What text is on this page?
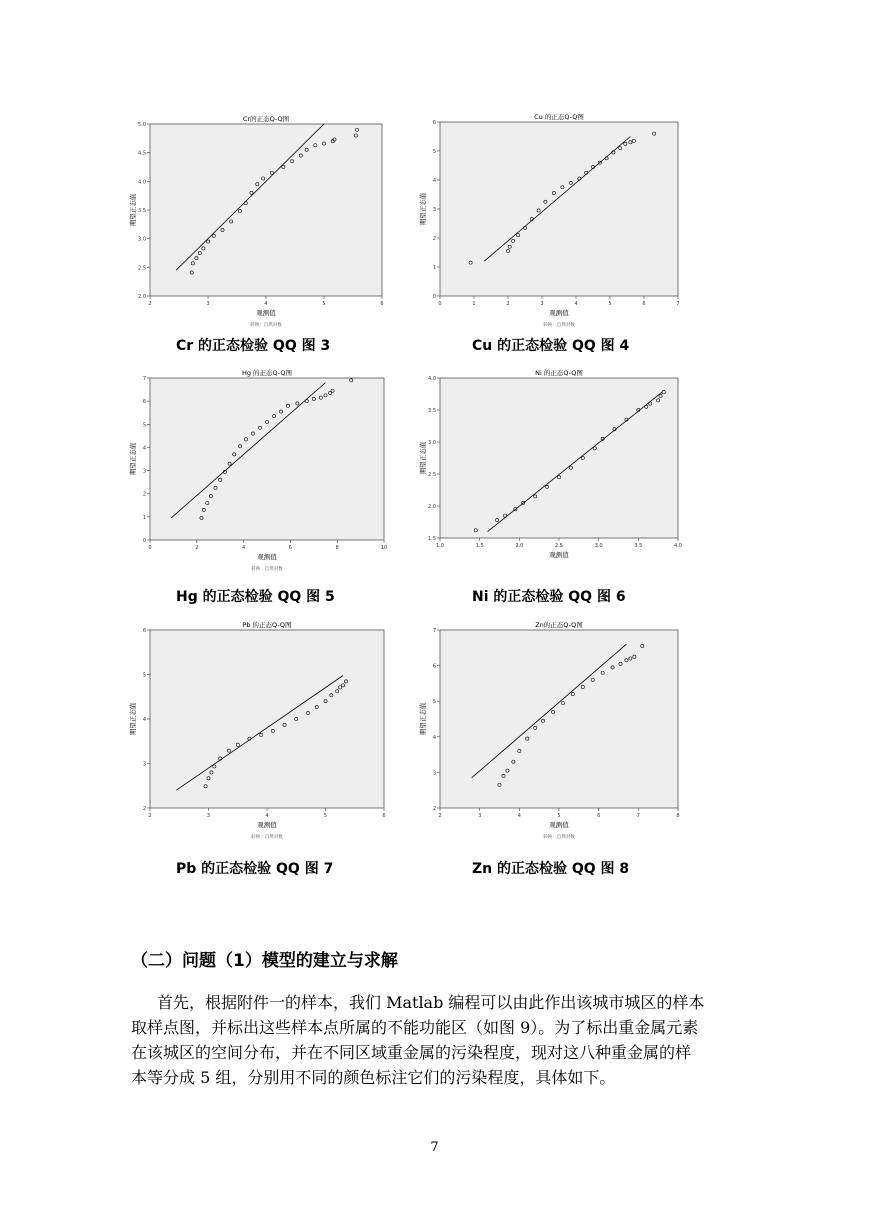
Cr的正态Q-Q图
2	3	4	5	6
2.0
2.5
3.0
3.5
4.0
4.5
5.0
观测值
期望正态值
转换：自然对数
Cu 的正态Q-Q图
0	1	2	3	4	5	6	7
0
1
2
3
4
5
6
观测值
期望正态值
转换：自然对数
Hg 的正态Q-Q图
0	2	4	6	8	10
0
1
2
3
4
5
6
7
观测值
期望正态值
转换：自然对数
Ni 的正态Q-Q图
1.0	1.5	2.0	2.5	3.0	3.5	4.0
1.5
2.0
2.5
3.0
3.5
4.0
观测值
期望正态值
Pb 的正态Q-Q图
2	3	4	5	6
2
3
4
5
6
观测值
期望正态值
转换：自然对数
Zn的正态Q-Q图
2	3	4	5	6	7	8
2
3
4
5
6
7
观测值
期望正态值
转换：自然对数
Cr 的正态检验 QQ 图 3	Cu 的正态检验 QQ 图 4
Hg 的正态检验 QQ 图 5	Ni 的正态检验 QQ 图 6
Pb 的正态检验 QQ 图 7	Zn 的正态检验 QQ 图 8
（二）问题（1）模型的建立与求解
首先，根据附件一的样本，我们 Matlab 编程可以由此作出该城市城区的样本
取样点图，并标出这些样本点所属的不能功能区（如图 9）。为了标出重金属元素
在该城区的空间分布，并在不同区域重金属的污染程度，现对这八种重金属的样
本等分成 5 组，分别用不同的颜色标注它们的污染程度，具体如下。
7
